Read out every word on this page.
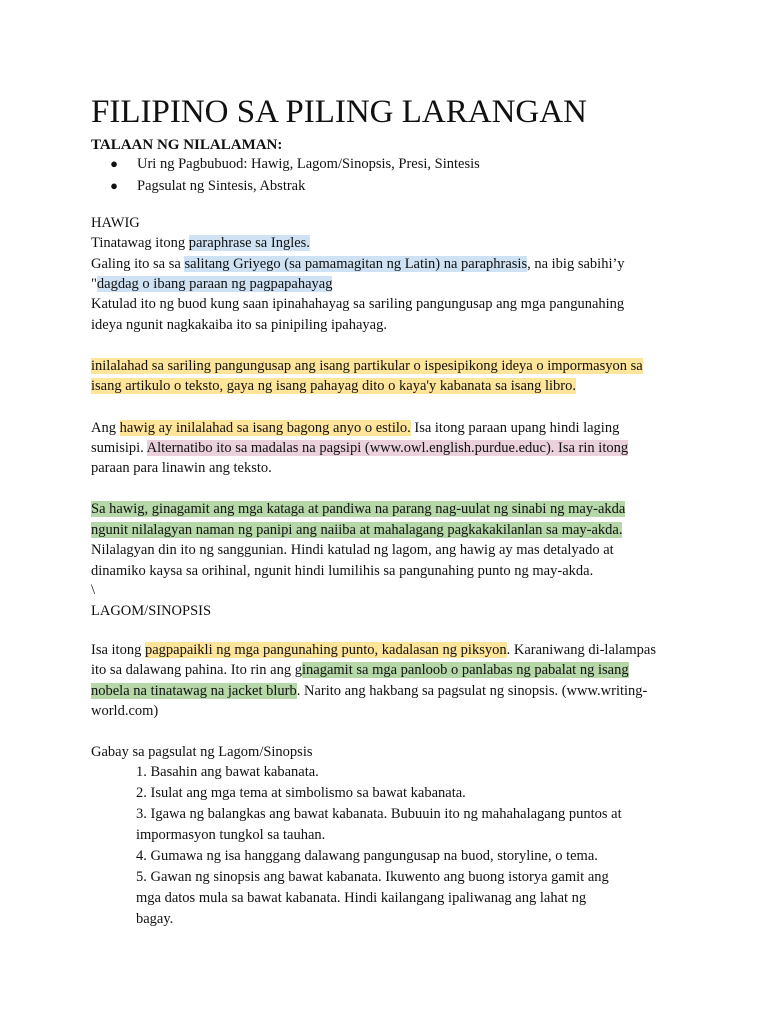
FILIPINO SA PILING LARANGAN
TALAAN NG NILALAMAN:
● Uri ng Pagbubuod: Hawig, Lagom/Sinopsis, Presi, Sintesis
● Pagsulat ng Sintesis, Abstrak
HAWIG
Tinatawag itong paraphrase sa Ingles.
Galing ito sa sa salitang Griyego (sa pamamagitan ng Latin) na paraphrasis, na ibig sabihi’y
"dagdag o ibang paraan ng pagpapahayag
Katulad ito ng buod kung saan ipinahahayag sa sariling pangungusap ang mga pangunahing
ideya ngunit nagkakaiba ito sa pinipiling ipahayag.
inilalahad sa sariling pangungusap ang isang partikular o ispesipikong ideya o impormasyon sa
isang artikulo o teksto, gaya ng isang pahayag dito o kaya'y kabanata sa isang libro.
Ang hawig ay inilalahad sa isang bagong anyo o estilo. Isa itong paraan upang hindi laging
sumisipi. Alternatibo ito sa madalas na pagsipi (www.owl.english.purdue.educ). Isa rin itong
paraan para linawin ang teksto.
Sa hawig, ginagamit ang mga kataga at pandiwa na parang nag-uulat ng sinabi ng may-akda
ngunit nilalagyan naman ng panipi ang naiiba at mahalagang pagkakakilanlan sa may-akda.
Nilalagyan din ito ng sanggunian. Hindi katulad ng lagom, ang hawig ay mas detalyado at
dinamiko kaysa sa orihinal, ngunit hindi lumilihis sa pangunahing punto ng may-akda.
\
LAGOM/SINOPSIS
Isa itong pagpapaikli ng mga pangunahing punto, kadalasan ng piksyon. Karaniwang di-lalampas
ito sa dalawang pahina. Ito rin ang ginagamit sa mga panloob o panlabas ng pabalat ng isang
nobela na tinatawag na jacket blurb. Narito ang hakbang sa pagsulat ng sinopsis. (www.writing-
world.com)
Gabay sa pagsulat ng Lagom/Sinopsis
1. Basahin ang bawat kabanata.
2. Isulat ang mga tema at simbolismo sa bawat kabanata.
3. Igawa ng balangkas ang bawat kabanata. Bubuuin ito ng mahahalagang puntos at
impormasyon tungkol sa tauhan.
4. Gumawa ng isa hanggang dalawang pangungusap na buod, storyline, o tema.
5. Gawan ng sinopsis ang bawat kabanata. Ikuwento ang buong istorya gamit ang
mga datos mula sa bawat kabanata. Hindi kailangang ipaliwanag ang lahat ng
bagay.
